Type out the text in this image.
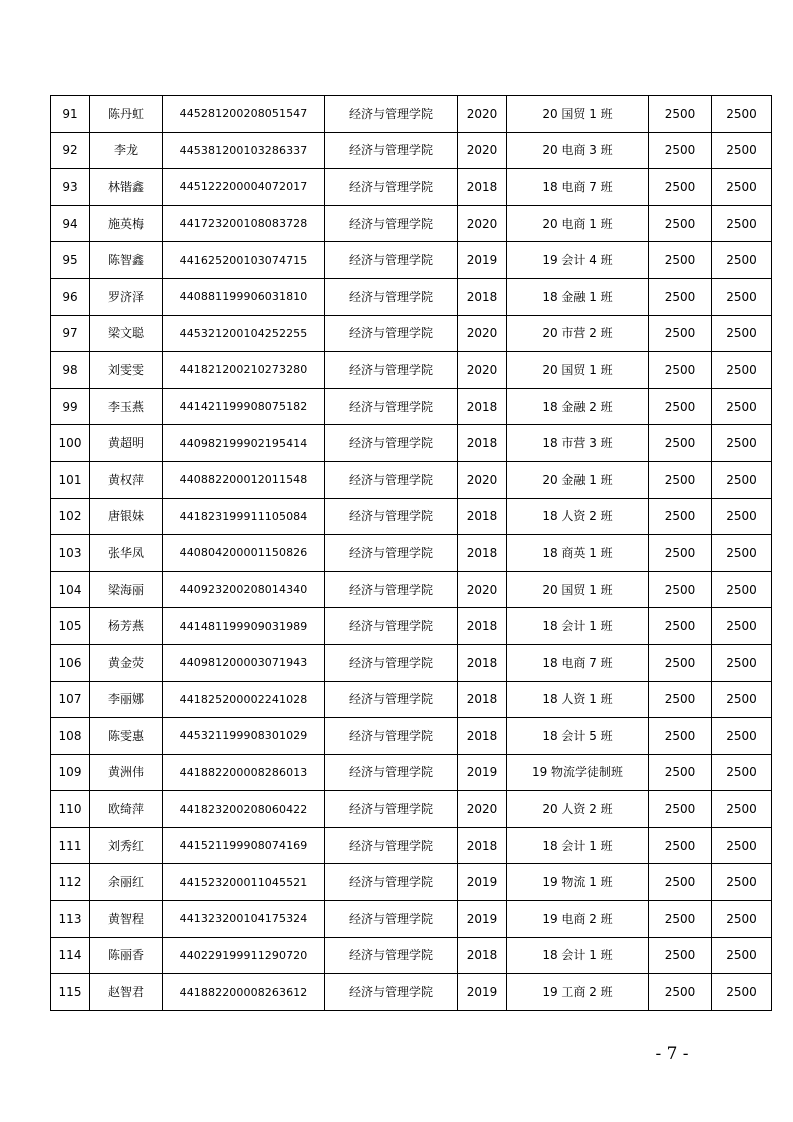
91	陈丹虹	445281200208051547	经济与管理学院	2020	20 国贸 1 班	2500	2500
92	李龙	445381200103286337	经济与管理学院	2020	20 电商 3 班	2500	2500
93	林锴鑫	445122200004072017	经济与管理学院	2018	18 电商 7 班	2500	2500
94	施英梅	441723200108083728	经济与管理学院	2020	20 电商 1 班	2500	2500
95	陈智鑫	441625200103074715	经济与管理学院	2019	19 会计 4 班	2500	2500
96	罗济泽	440881199906031810	经济与管理学院	2018	18 金融 1 班	2500	2500
97	梁文聪	445321200104252255	经济与管理学院	2020	20 市营 2 班	2500	2500
98	刘雯雯	441821200210273280	经济与管理学院	2020	20 国贸 1 班	2500	2500
99	李玉燕	441421199908075182	经济与管理学院	2018	18 金融 2 班	2500	2500
100	黄超明	440982199902195414	经济与管理学院	2018	18 市营 3 班	2500	2500
101	黄权萍	440882200012011548	经济与管理学院	2020	20 金融 1 班	2500	2500
102	唐银妹	441823199911105084	经济与管理学院	2018	18 人资 2 班	2500	2500
103	张华凤	440804200001150826	经济与管理学院	2018	18 商英 1 班	2500	2500
104	梁海丽	440923200208014340	经济与管理学院	2020	20 国贸 1 班	2500	2500
105	杨芳燕	441481199909031989	经济与管理学院	2018	18 会计 1 班	2500	2500
106	黄金荧	440981200003071943	经济与管理学院	2018	18 电商 7 班	2500	2500
107	李丽娜	441825200002241028	经济与管理学院	2018	18 人资 1 班	2500	2500
108	陈雯惠	445321199908301029	经济与管理学院	2018	18 会计 5 班	2500	2500
109	黄洲伟	441882200008286013	经济与管理学院	2019	19 物流学徒制班	2500	2500
110	欧绮萍	441823200208060422	经济与管理学院	2020	20 人资 2 班	2500	2500
111	刘秀红	441521199908074169	经济与管理学院	2018	18 会计 1 班	2500	2500
112	余丽红	441523200011045521	经济与管理学院	2019	19 物流 1 班	2500	2500
113	黄智程	441323200104175324	经济与管理学院	2019	19 电商 2 班	2500	2500
114	陈丽香	440229199911290720	经济与管理学院	2018	18 会计 1 班	2500	2500
115	赵智君	441882200008263612	经济与管理学院	2019	19 工商 2 班	2500	2500
- 7 -
